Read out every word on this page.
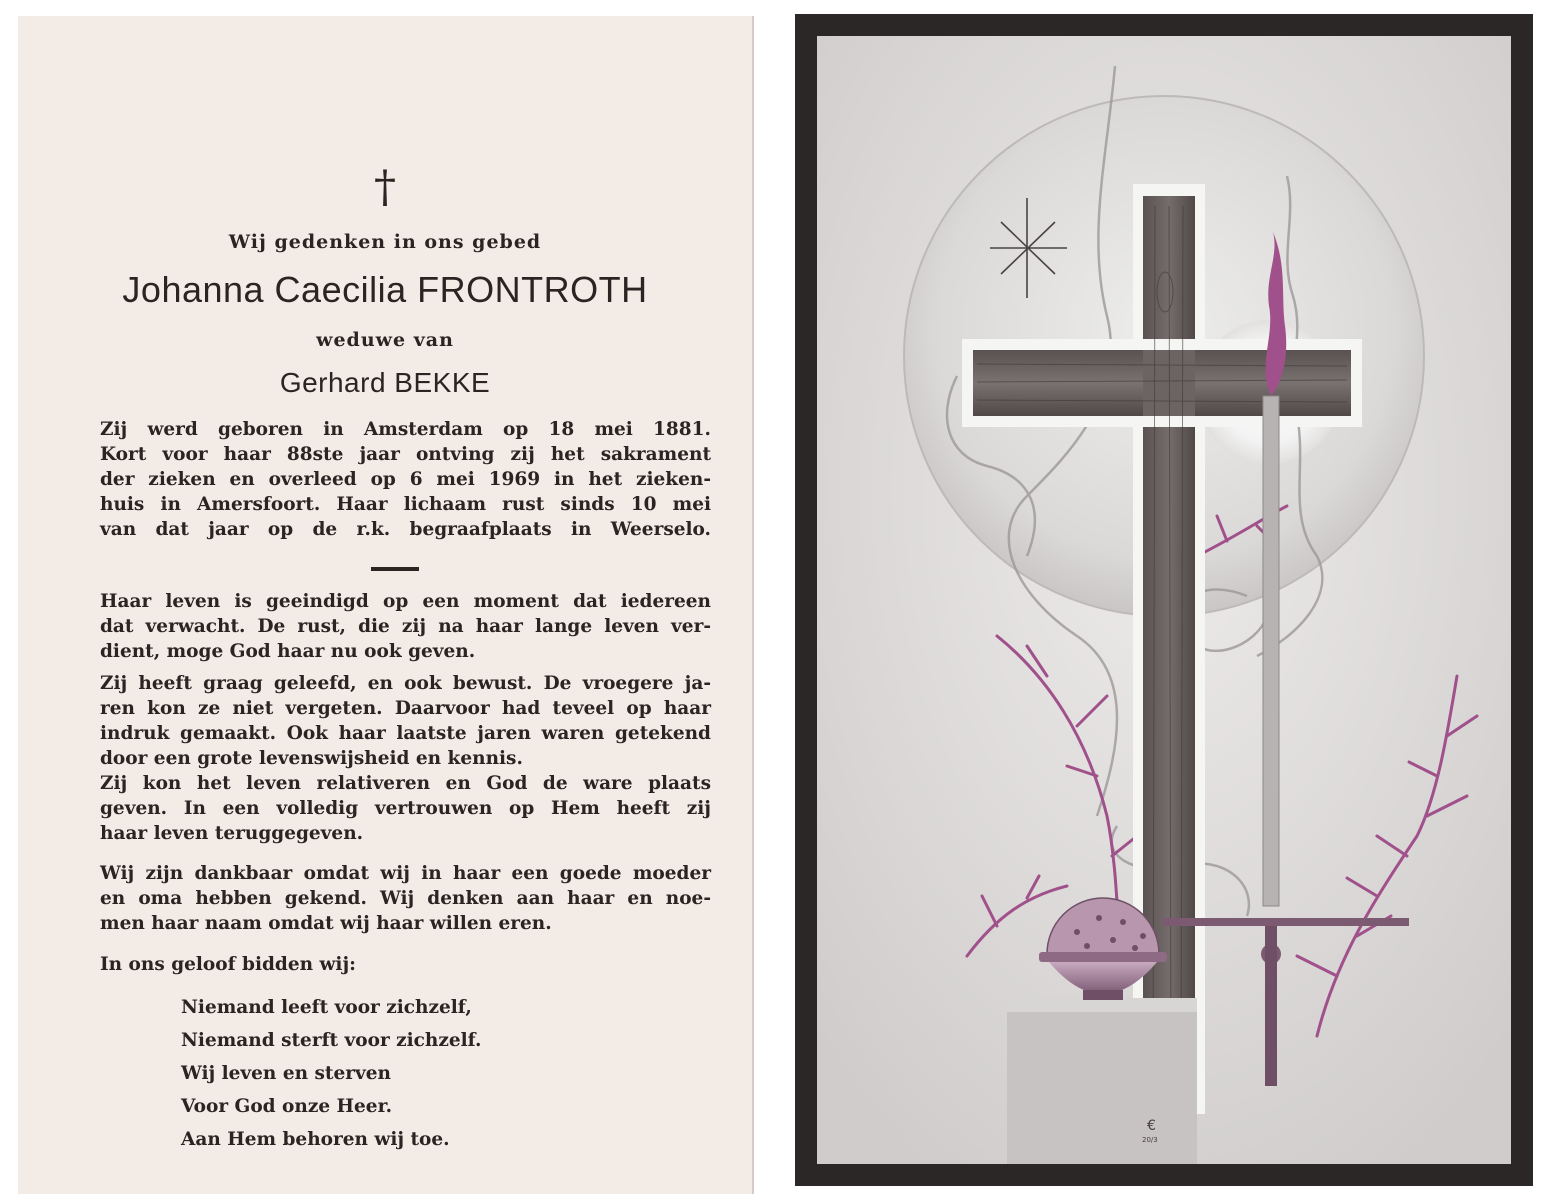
†
Wij gedenken in ons gebed
Johanna Caecilia FRONTROTH
weduwe van
Gerhard BEKKE
Zij werd geboren in Amsterdam op 18 mei 1881.
Kort voor haar 88ste jaar ontving zij het sakrament
der zieken en overleed op 6 mei 1969 in het zieken-
huis in Amersfoort. Haar lichaam rust sinds 10 mei
van dat jaar op de r.k. begraafplaats in Weerselo.
Haar leven is geeindigd op een moment dat iedereen
dat verwacht. De rust, die zij na haar lange leven ver-
dient, moge God haar nu ook geven.
Zij heeft graag geleefd, en ook bewust. De vroegere ja-
ren kon ze niet vergeten. Daarvoor had teveel op haar
indruk gemaakt. Ook haar laatste jaren waren getekend
door een grote levenswijsheid en kennis.
Zij kon het leven relativeren en God de ware plaats
geven. In een volledig vertrouwen op Hem heeft zij
haar leven teruggegeven.
Wij zijn dankbaar omdat wij in haar een goede moeder
en oma hebben gekend. Wij denken aan haar en noe-
men haar naam omdat wij haar willen eren.
In ons geloof bidden wij:
Niemand leeft voor zichzelf,
Niemand sterft voor zichzelf.
Wij leven en sterven
Voor God onze Heer.
Aan Hem behoren wij toe.
€
20/3
